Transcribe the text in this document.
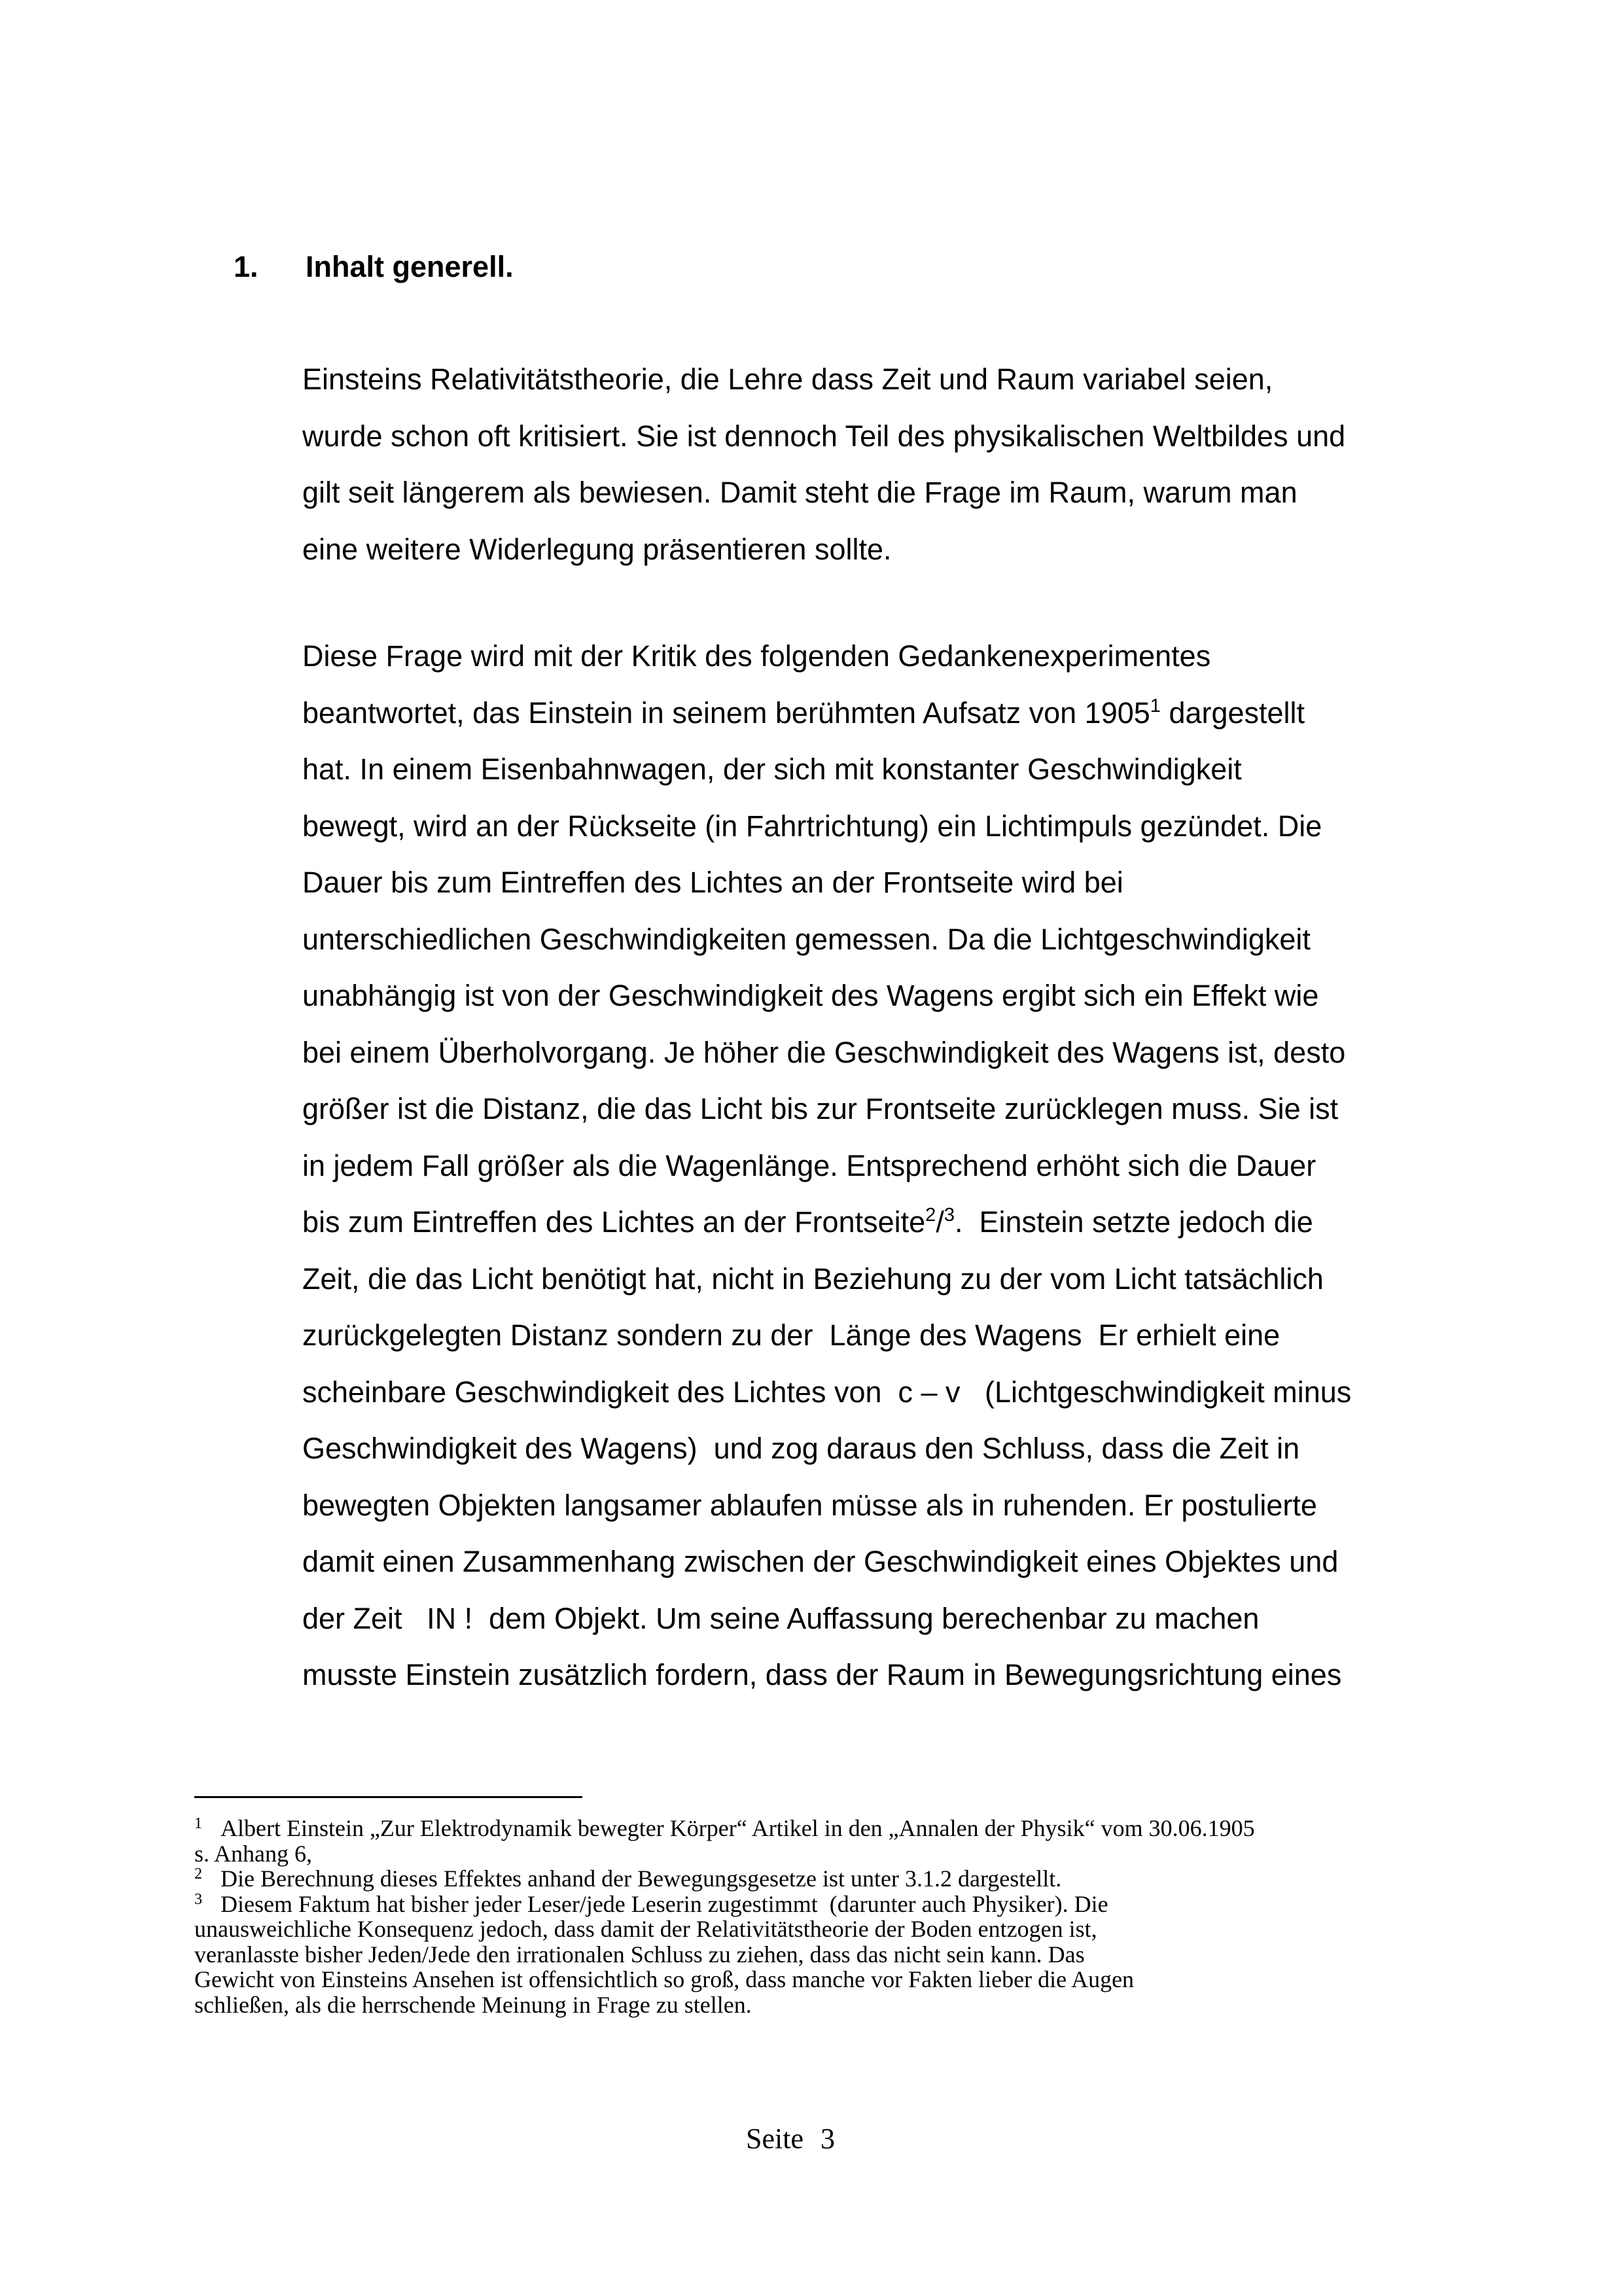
1. Inhalt generell.
Einsteins Relativitätstheorie, die Lehre dass Zeit und Raum variabel seien,
wurde schon oft kritisiert. Sie ist dennoch Teil des physikalischen Weltbildes und
gilt seit längerem als bewiesen. Damit steht die Frage im Raum, warum man
eine weitere Widerlegung präsentieren sollte.
Diese Frage wird mit der Kritik des folgenden Gedankenexperimentes
beantwortet, das Einstein in seinem berühmten Aufsatz von 1905$^1$ dargestellt
hat. In einem Eisenbahnwagen, der sich mit konstanter Geschwindigkeit
bewegt, wird an der Rückseite (in Fahrtrichtung) ein Lichtimpuls gezündet. Die
Dauer bis zum Eintreffen des Lichtes an der Frontseite wird bei
unterschiedlichen Geschwindigkeiten gemessen. Da die Lichtgeschwindigkeit
unabhängig ist von der Geschwindigkeit des Wagens ergibt sich ein Effekt wie
bei einem Überholvorgang. Je höher die Geschwindigkeit des Wagens ist, desto
größer ist die Distanz, die das Licht bis zur Frontseite zurücklegen muss. Sie ist
in jedem Fall größer als die Wagenlänge. Entsprechend erhöht sich die Dauer
bis zum Eintreffen des Lichtes an der Frontseite$^2$/$^3$.  Einstein setzte jedoch die
Zeit, die das Licht benötigt hat, nicht in Beziehung zu der vom Licht tatsächlich
zurückgelegten Distanz sondern zu der  Länge des Wagens  Er erhielt eine
scheinbare Geschwindigkeit des Lichtes von  c – v   (Lichtgeschwindigkeit minus
Geschwindigkeit des Wagens)  und zog daraus den Schluss, dass die Zeit in
bewegten Objekten langsamer ablaufen müsse als in ruhenden. Er postulierte
damit einen Zusammenhang zwischen der Geschwindigkeit eines Objektes und
der Zeit   IN !  dem Objekt. Um seine Auffassung berechenbar zu machen
musste Einstein zusätzlich fordern, dass der Raum in Bewegungsrichtung eines
1 Albert Einstein „Zur Elektrodynamik bewegter Körper“ Artikel in den „Annalen der Physik“ vom 30.06.1905
s. Anhang 6,
2 Die Berechnung dieses Effektes anhand der Bewegungsgesetze ist unter 3.1.2 dargestellt.
3 Diesem Faktum hat bisher jeder Leser/jede Leserin zugestimmt  (darunter auch Physiker). Die
unausweichliche Konsequenz jedoch, dass damit der Relativitätstheorie der Boden entzogen ist,
veranlasste bisher Jeden/Jede den irrationalen Schluss zu ziehen, dass das nicht sein kann. Das
Gewicht von Einsteins Ansehen ist offensichtlich so groß, dass manche vor Fakten lieber die Augen
schließen, als die herrschende Meinung in Frage zu stellen.
Seite 3
